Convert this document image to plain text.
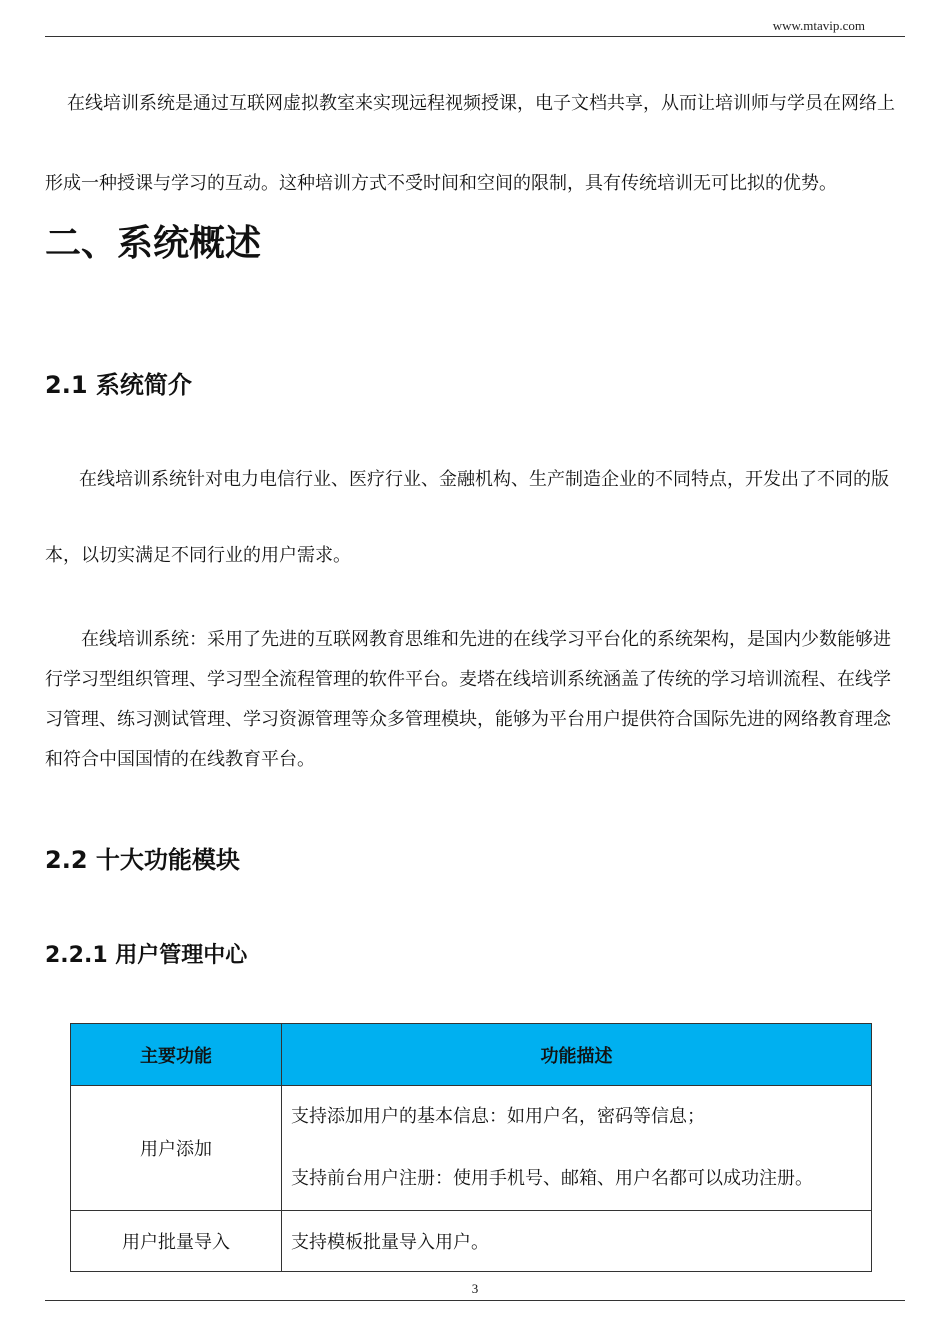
www.mtavip.com

在线培训系统是通过互联网虚拟教室来实现远程视频授课，电子文档共享，从而让培训师与学员在网络上形成一种授课与学习的互动。这种培训方式不受时间和空间的限制，具有传统培训无可比拟的优势。

二、系统概述
2.1 系统简介

在线培训系统针对电力电信行业、医疗行业、金融机构、生产制造企业的不同特点，开发出了不同的版本，以切实满足不同行业的用户需求。

在线培训系统：采用了先进的互联网教育思维和先进的在线学习平台化的系统架构，是国内少数能够进行学习型组织管理、学习型全流程管理的软件平台。麦塔在线培训系统涵盖了传统的学习培训流程、在线学习管理、练习测试管理、学习资源管理等众多管理模块，能够为平台用户提供符合国际先进的网络教育理念和符合中国国情的在线教育平台。

2.2 十大功能模块
2.2.1 用户管理中心
主要功能	功能描述
用户添加	支持添加用户的基本信息：如用户名，密码等信息；
支持前台用户注册：使用手机号、邮箱、用户名都可以成功注册。

用户批量导入	支持模板批量导入用户。
3
